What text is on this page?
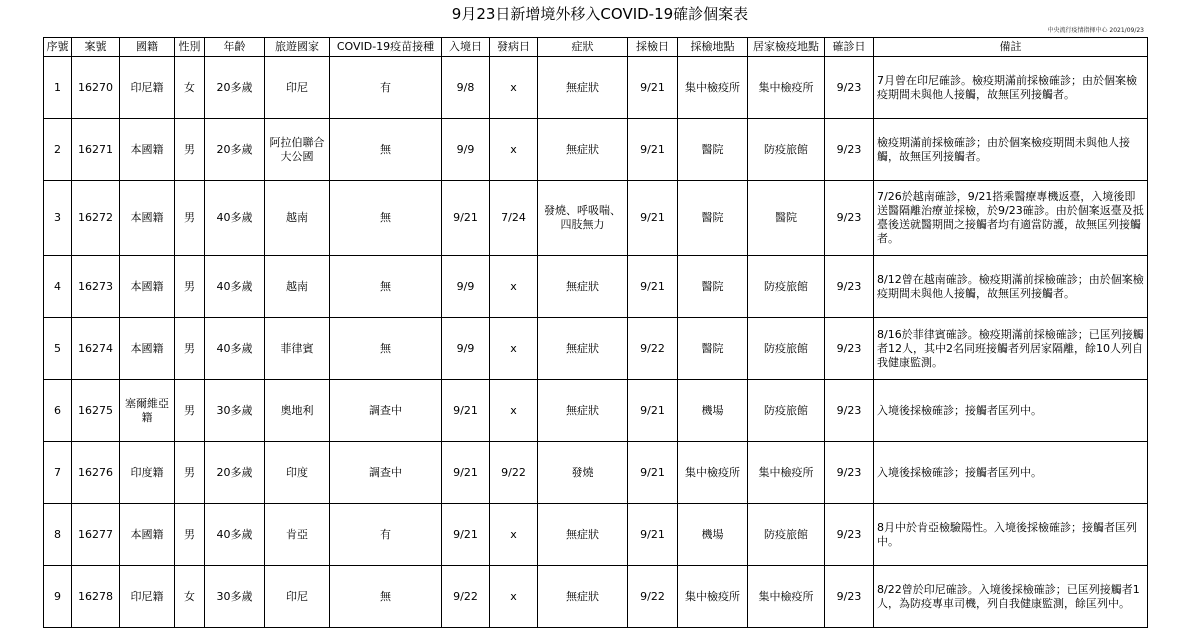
9月23日新增境外移入COVID-19確診個案表
中央流行疫情指揮中心 2021/09/23
序號	案號	國籍	性別	年齡	旅遊國家	COVID-19疫苗接種	入境日	發病日	症狀	採檢日	採檢地點	居家檢疫地點	確診日	備註
1	16270	印尼籍	女	20多歲	印尼	有	9/8	x	無症狀	9/21	集中檢疫所	集中檢疫所	9/23	7月曾在印尼確診。檢疫期滿前採檢確診；由於個案檢疫期間未與他人接觸，故無匡列接觸者。
2	16271	本國籍	男	20多歲	阿拉伯聯合大公國	無	9/9	x	無症狀	9/21	醫院	防疫旅館	9/23	檢疫期滿前採檢確診；由於個案檢疫期間未與他人接觸，故無匡列接觸者。
3	16272	本國籍	男	40多歲	越南	無	9/21	7/24	發燒、呼吸喘、四肢無力	9/21	醫院	醫院	9/23	7/26於越南確診，9/21搭乘醫療專機返臺，入境後即送醫隔離治療並採檢，於9/23確診。由於個案返臺及抵臺後送就醫期間之接觸者均有適當防護，故無匡列接觸者。
4	16273	本國籍	男	40多歲	越南	無	9/9	x	無症狀	9/21	醫院	防疫旅館	9/23	8/12曾在越南確診。檢疫期滿前採檢確診；由於個案檢疫期間未與他人接觸，故無匡列接觸者。
5	16274	本國籍	男	40多歲	菲律賓	無	9/9	x	無症狀	9/22	醫院	防疫旅館	9/23	8/16於菲律賓確診。檢疫期滿前採檢確診；已匡列接觸者12人，其中2名同班接觸者列居家隔離，餘10人列自我健康監測。
6	16275	塞爾維亞籍	男	30多歲	奧地利	調查中	9/21	x	無症狀	9/21	機場	防疫旅館	9/23	入境後採檢確診；接觸者匡列中。
7	16276	印度籍	男	20多歲	印度	調查中	9/21	9/22	發燒	9/21	集中檢疫所	集中檢疫所	9/23	入境後採檢確診；接觸者匡列中。
8	16277	本國籍	男	40多歲	肯亞	有	9/21	x	無症狀	9/21	機場	防疫旅館	9/23	8月中於肯亞檢驗陽性。入境後採檢確診；接觸者匡列中。
9	16278	印尼籍	女	30多歲	印尼	無	9/22	x	無症狀	9/22	集中檢疫所	集中檢疫所	9/23	8/22曾於印尼確診。入境後採檢確診；已匡列接觸者1人，為防疫專車司機，列自我健康監測，餘匡列中。
